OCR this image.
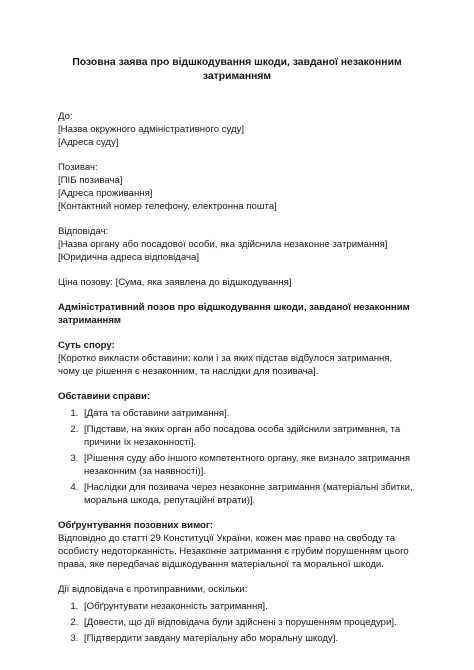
Позовна заява про відшкодування шкоди, завданої незаконним затриманням
До:
[Назва окружного адміністративного суду]
[Адреса суду]
Позивач:
[ПІБ позивача]
[Адреса проживання]
[Контактний номер телефону, електронна пошта]
Відповідач:
[Назва органу або посадової особи, яка здійснила незаконне затримання]
[Юридична адреса відповідача]
Ціна позову: [Сума, яка заявлена до відшкодування]
Адміністративний позов про відшкодування шкоди, завданої незаконним затриманням
Суть спору:
[Коротко викласти обставини: коли і за яких підстав відбулося затримання, чому це рішення є незаконним, та наслідки для позивача].
Обставини справи:
1. [Дата та обставини затримання].
2. [Підстави, на яких орган або посадова особа здійснили затримання, та причини їх незаконності].
3. [Рішення суду або іншого компетентного органу, яке визнало затримання незаконним (за наявності)].
4. [Наслідки для позивача через незаконне затримання (матеріальні збитки, моральна шкода, репутаційні втрати)].
Обґрунтування позовних вимог:
Відповідно до статті 29 Конституції України, кожен має право на свободу та особисту недоторканність. Незаконне затримання є грубим порушенням цього права, яке передбачає відшкодування матеріальної та моральної шкоди.
Дії відповідача є протиправними, оскільки:
1. [Обґрунтувати незаконність затримання].
2. [Довести, що дії відповідача були здійснені з порушенням процедури].
3. [Підтвердити завдану матеріальну або моральну шкоду].
